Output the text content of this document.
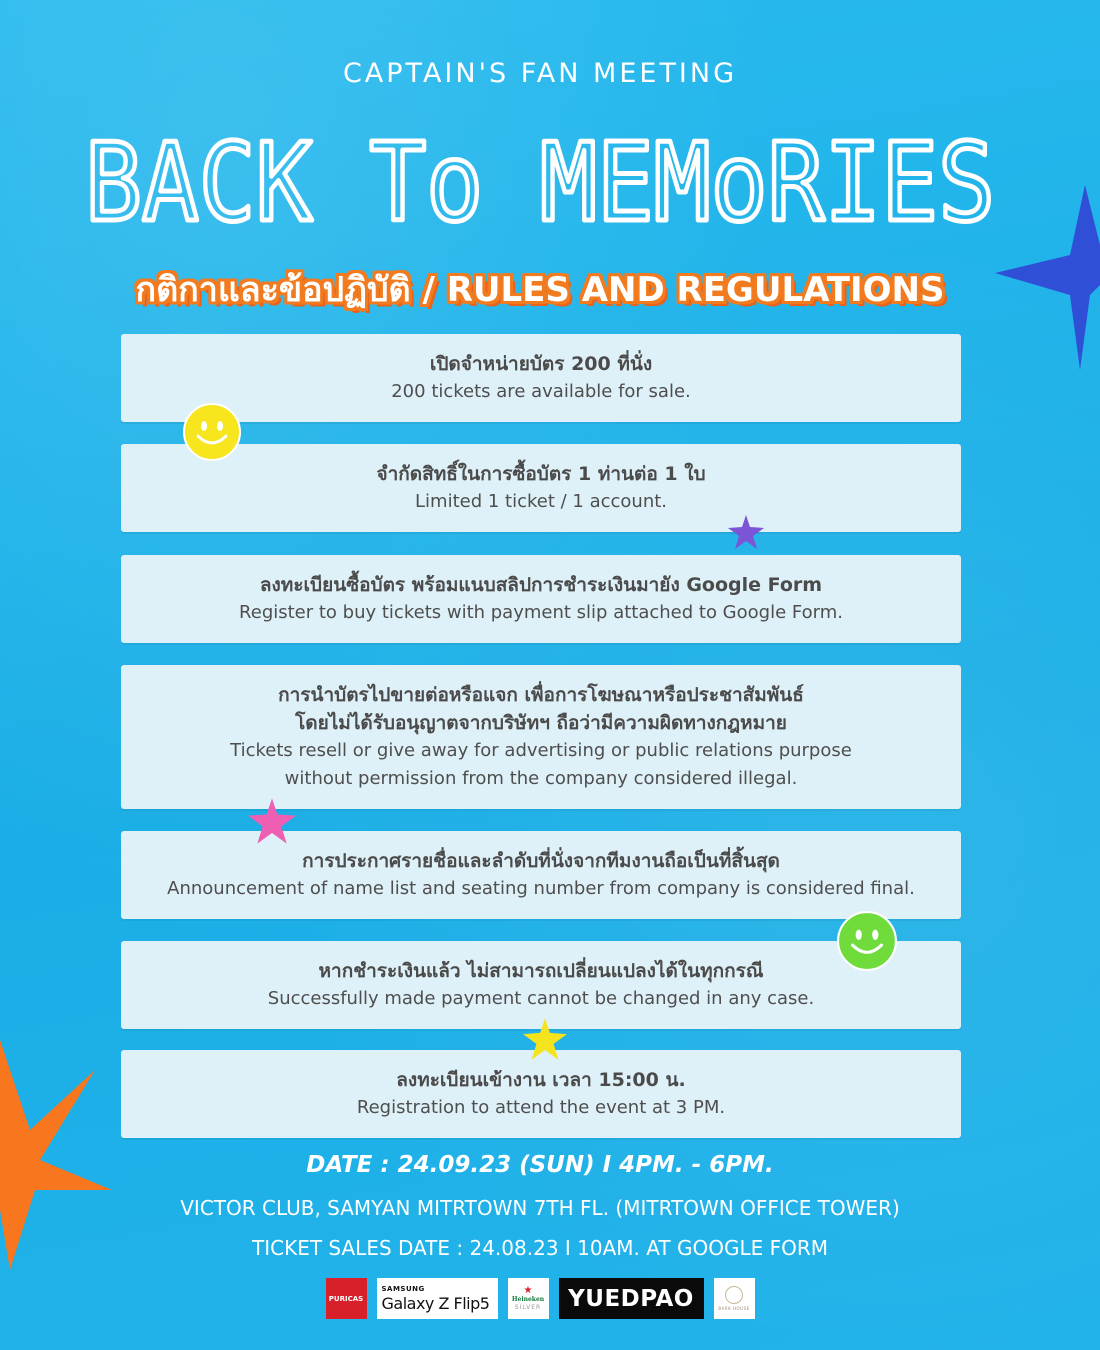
CAPTAIN'S FAN MEETING
BACK To MEMoRIES
กติกาและข้อปฏิบัติ / RULES AND REGULATIONS
เปิดจำหน่ายบัตร 200 ที่นั่ง
200 tickets are available for sale.
จำกัดสิทธิ์ในการซื้อบัตร 1 ท่านต่อ 1 ใบ
Limited 1 ticket / 1 account.
ลงทะเบียนซื้อบัตร พร้อมแนบสลิปการชำระเงินมายัง Google Form
Register to buy tickets with payment slip attached to Google Form.
การนำบัตรไปขายต่อหรือแจก เพื่อการโฆษณาหรือประชาสัมพันธ์
โดยไม่ได้รับอนุญาตจากบริษัทฯ ถือว่ามีความผิดทางกฎหมาย
Tickets resell or give away for advertising or public relations purpose
without permission from the company considered illegal.
การประกาศรายชื่อและลำดับที่นั่งจากทีมงานถือเป็นที่สิ้นสุด
Announcement of name list and seating number from company is considered final.
หากชำระเงินแล้ว ไม่สามารถเปลี่ยนแปลงได้ในทุกกรณี
Successfully made payment cannot be changed in any case.
ลงทะเบียนเข้างาน เวลา 15:00 น.
Registration to attend the event at 3 PM.
DATE : 24.09.23 (SUN) I 4PM. - 6PM.
VICTOR CLUB, SAMYAN MITRTOWN 7TH FL. (MITRTOWN OFFICE TOWER)
TICKET SALES DATE : 24.08.23 I 10AM. AT GOOGLE FORM
PURICAS
SAMSUNG
Galaxy Z Flip5
★
Heineken
SILVER YUEDPAO	BARK HOUSE
